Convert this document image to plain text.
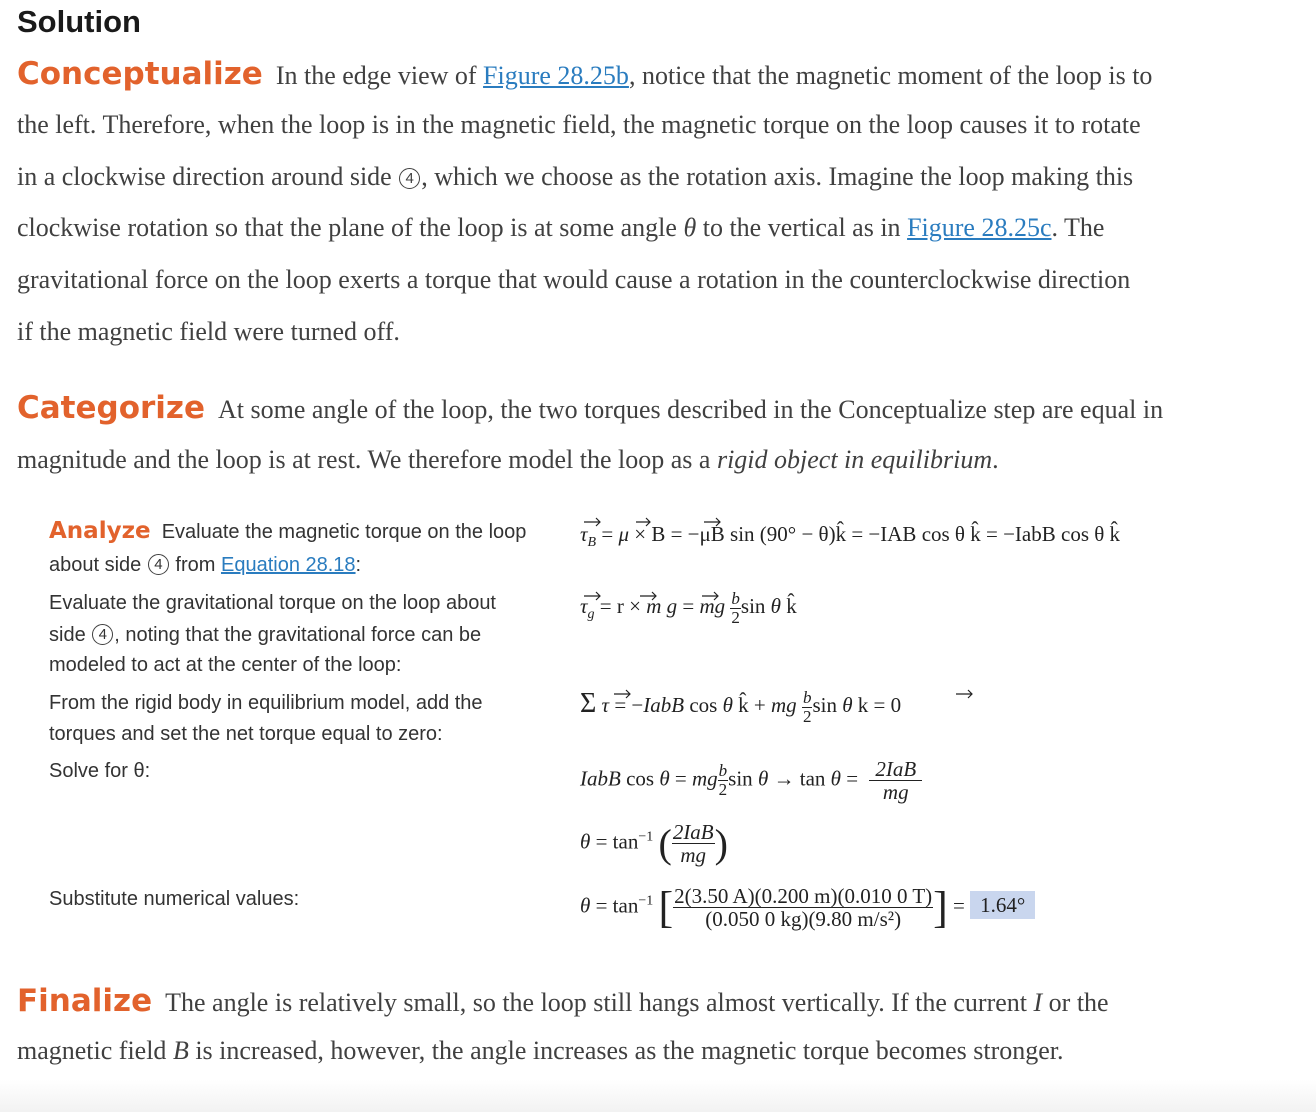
Solution
Conceptualize In the edge view of Figure 28.25b, notice that the magnetic moment of the loop is to
the left. Therefore, when the loop is in the magnetic field, the magnetic torque on the loop causes it to rotate
in a clockwise direction around side 4 , which we choose as the rotation axis. Imagine the loop making this
clockwise rotation so that the plane of the loop is at some angle θ to the vertical as in Figure 28.25c. The
gravitational force on the loop exerts a torque that would cause a rotation in the counterclockwise direction
if the magnetic field were turned off.
Categorize At some angle of the loop, the two torques described in the Conceptualize step are equal in
magnitude and the loop is at rest. We therefore model the loop as a rigid object in equilibrium.
Analyze Evaluate the magnetic torque on the loop
about side 4 from Equation 28.18:
Evaluate the gravitational torque on the loop about
side 4 , noting that the gravitational force can be
modeled to act at the center of the loop:
From the rigid body in equilibrium model, add the
torques and set the net torque equal to zero:
Solve for θ:
Substitute numerical values:
$\tau_B = \mu \times B = -\mu B$ sin (90° − θ)k̂ = −IAB cos θ k̂ = −IabB cos θ k̂
$\tau_g = r \times m$ g = mg $\frac{b}{2}$ sin θ k̂
Σ τ = −IabB cos θ k̂ + mg $\frac{b}{2}$ sin θ k = 0
IabB cos θ = mg $\frac{b}{2}$ $\sin \theta \to \tan \theta = \frac{\text{2IaB}}{mg}$
$\theta = \tan^{-1}$ ( $\frac{\text{2IaB}}{mg}$ )
$\theta = \tan^{-1}$ [ $\frac{2(3.50 A)(0.200 m)(0.010 0 T)}{\text{(0.050 0 kg)(9.80 m/s²)}}$ ] = 1.64°
Finalize The angle is relatively small, so the loop still hangs almost vertically. If the current I or the
magnetic field B is increased, however, the angle increases as the magnetic torque becomes stronger.
